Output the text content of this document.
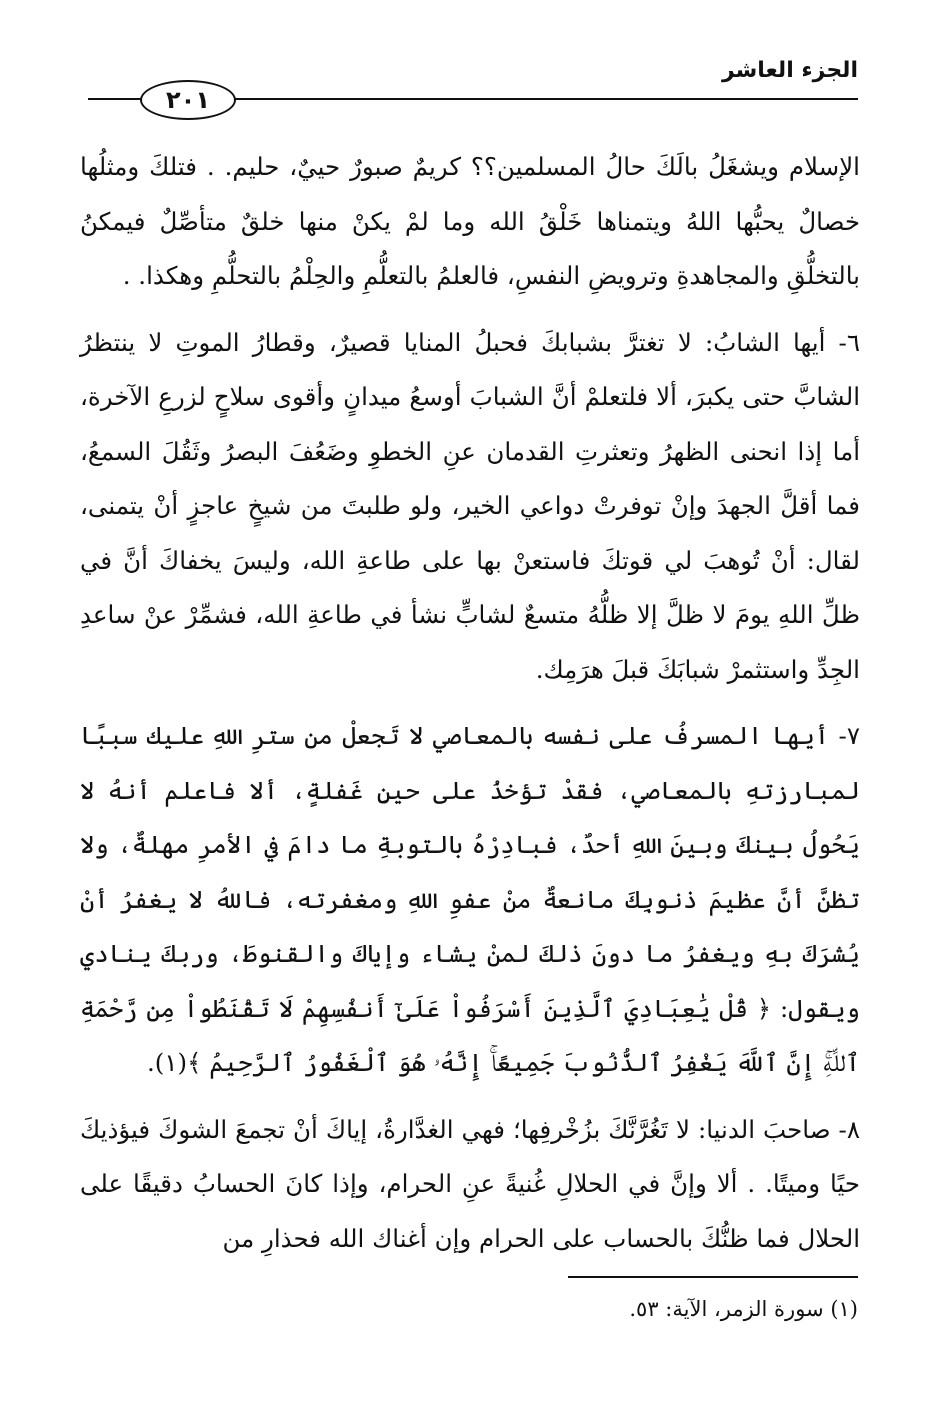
الجزء العاشر
٢٠١

الإسلام ويشغَلُ بالَكَ حالُ المسلمين؟؟ كريمٌ صبورٌ حييٌ، حليم. . فتلكَ ومثلُها خصالٌ يحبُّها اللهُ ويتمناها خَلْقُ الله وما لمْ يكنْ منها خلقٌ متأصِّلٌ فيمكنُ بالتخلُّقِ والمجاهدةِ وترويضِ النفسِ، فالعلمُ بالتعلُّمِ والحِلْمُ بالتحلُّمِ وهكذا. .

٦- أيها الشابُ: لا تغترَّ بشبابكَ فحبلُ المنايا قصيرٌ، وقطارُ الموتِ لا ينتظرُ الشابَّ حتى يكبرَ، ألا فلتعلمْ أنَّ الشبابَ أوسعُ ميدانٍ وأقوى سلاحٍ لزرعِ الآخرة، أما إذا انحنى الظهرُ وتعثرتِ القدمان عنِ الخطوِ وضَعُفَ البصرُ وثَقُلَ السمعُ، فما أقلَّ الجهدَ وإنْ توفرتْ دواعي الخير، ولو طلبتَ من شيخٍ عاجزٍ أنْ يتمنى، لقال: أنْ تُوهبَ لي قوتكَ فاستعنْ بها على طاعةِ الله، وليسَ يخفاكَ أنَّ في ظلِّ اللهِ يومَ لا ظلَّ إلا ظلُّهُ متسعٌ لشابٍّ نشأ في طاعةِ الله، فشمِّرْ عنْ ساعدِ الجِدِّ واستثمرْ شبابَكَ قبلَ هرَمِك.

٧- أيها المسرفُ على نفسه بالمعاصي لا تَجعلْ من سترِ اللهِ عليك سببًا لمبارزتهِ بالمعاصي، فقدْ تؤخذُ على حينِ غَفلةٍ، ألا فاعلم أنهُ لا يَحُولُ بينكَ وبينَ اللهِ أحدٌ، فبادِرْهُ بالتوبةِ ما دامَ في الأمرِ مهلةٌ، ولا تظنَّ أنَّ عظيمَ ذنوبِكَ مانعةٌ منْ عفوِ اللهِ ومغفرته، فاللهُ لا يغفرُ أنْ يُشرَكَ بهِ ويغفرُ ما دونَ ذلكَ لمنْ يشاء وإياكَ والقنوطَ، وربكَ ينادي ويقول: ﴿ قُلْ يَٰعِبَادِيَ ٱلَّذِينَ أَسْرَفُواْ عَلَىٰٓ أَنفُسِهِمْ لَا تَقْنَطُواْ مِن رَّحْمَةِ ٱللَّهِۚ إِنَّ ٱللَّهَ يَغْفِرُ ٱلذُّنُوبَ جَمِيعًاۚ إِنَّهُۥ هُوَ ٱلْغَفُورُ ٱلرَّحِيمُ ﴾(١).

٨- صاحبَ الدنيا: لا تَغُرَّنَّكَ بزُخْرفِها؛ فهي الغدَّارةُ، إياكَ أنْ تجمعَ الشوكَ فيؤذيكَ حيًا وميتًا. . ألا وإنَّ في الحلالِ غُنيةً عنِ الحرام، وإذا كانَ الحسابُ دقيقًا على الحلال فما ظنُّكَ بالحساب على الحرام وإن أغناك الله فحذارِ من

(١) سورة الزمر، الآية: ٥٣.
